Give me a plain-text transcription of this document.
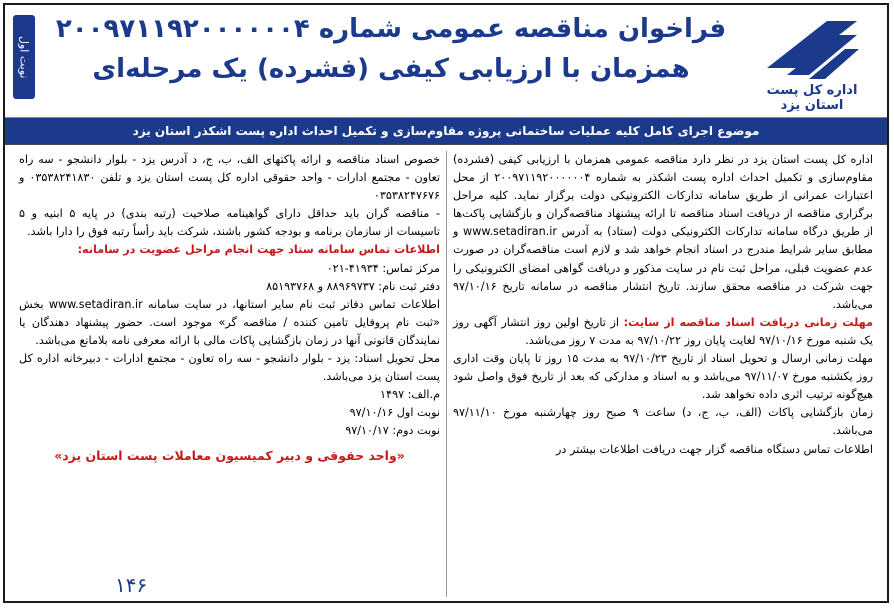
اداره کل پست استان یزد
فراخوان مناقصه عمومی شماره ۲۰۰۹۷۱۱۹۲۰۰۰۰۰۰۴
همزمان با ارزیابی کیفی (فشرده) یک مرحله‌ای
نوبت اول
موضوع اجرای کامل کلیه عملیات ساختمانی پروژه مقاوم‌سازی و تکمیل احداث اداره پست اشکذر استان یزد

اداره کل پست استان یزد در نظر دارد مناقصه عمومی همزمان با ارزیابی کیفی (فشرده) مقاوم‌سازی و تکمیل احداث اداره پست اشکذر به شماره ۲۰۰۹۷۱۱۹۲۰۰۰۰۰۰۴ از محل اعتبارات عمرانی از طریق سامانه تدارکات الکترونیکی دولت برگزار نماید. کلیه مراحل برگزاری مناقصه از دریافت اسناد مناقصه تا ارائه پیشنهاد مناقصه‌گران و بازگشایی پاکت‌ها از طریق درگاه سامانه تدارکات الکترونیکی دولت (ستاد) به آدرس www.setadiran.ir و مطابق سایر شرایط مندرج در اسناد انجام خواهد شد و لازم است مناقصه‌گران در صورت عدم عضویت قبلی، مراحل ثبت نام در سایت مذکور و دریافت گواهی امضای الکترونیکی را جهت شرکت در مناقصه محقق سازند. تاریخ انتشار مناقصه در سامانه تاریخ ۹۷/۱۰/۱۶ می‌باشد.

مهلت زمانی دریافت اسناد مناقصه از سایت: از تاریخ اولین روز انتشار آگهی روز یک شنبه مورخ ۹۷/۱۰/۱۶ لغایت پایان روز ۹۷/۱۰/۲۲ به مدت ۷ روز می‌باشد.

مهلت زمانی ارسال و تحویل اسناد از تاریخ ۹۷/۱۰/۲۳ به مدت ۱۵ روز تا پایان وقت اداری روز یکشنبه مورخ ۹۷/۱۱/۰۷ می‌باشد و به اسناد و مدارکی که بعد از تاریخ فوق واصل شود هیچ‌گونه ترتیب اثری داده نخواهد شد.

زمان بازگشایی پاکات (الف، ب، ج، د) ساعت ۹ صبح روز چهارشنبه مورخ ۹۷/۱۱/۱۰ می‌باشد.

اطلاعات تماس دستگاه مناقصه گزار جهت دریافت اطلاعات بیشتر در

خصوص اسناد مناقصه و ارائه پاکتهای الف، ب، ج، د آدرس یزد - بلوار دانشجو - سه راه تعاون - مجتمع ادارات - واحد حقوقی اداره کل پست استان یزد و تلفن ۰۳۵۳۸۲۴۱۸۳۰ و ۰۳۵۳۸۲۴۷۶۷۶

- مناقصه گران باید حداقل دارای گواهینامه صلاحیت (رتبه بندی) در پایه ۵ ابنیه و ۵ تاسیسات از سازمان برنامه و بودجه کشور باشند، شرکت باید رأساً رتبه فوق را دارا باشد.

اطلاعات تماس سامانه ستاد جهت انجام مراحل عضویت در سامانه:

مرکز تماس: ۴۱۹۳۴-۰۲۱

دفتر ثبت نام: ۸۸۹۶۹۷۳۷ و ۸۵۱۹۳۷۶۸

اطلاعات تماس دفاتر ثبت نام سایر استانها، در سایت سامانه www.setadiran.ir بخش «ثبت نام پروفایل تامین کننده / مناقصه گر» موجود است. حضور پیشنهاد دهندگان یا نمایندگان قانونی آنها در زمان بازگشایی پاکات مالی با ارائه معرفی نامه بلامانع می‌باشد.

محل تحویل اسناد: یزد - بلوار دانشجو - سه راه تعاون - مجتمع ادارات - دبیرخانه اداره کل پست استان یزد می‌باشد.

م.الف: ۱۴۹۷

نوبت اول ۹۷/۱۰/۱۶

نوبت دوم: ۹۷/۱۰/۱۷

«واحد حقوقی و دبیر کمیسیون معاملات پست استان یزد»
۱۴۶
